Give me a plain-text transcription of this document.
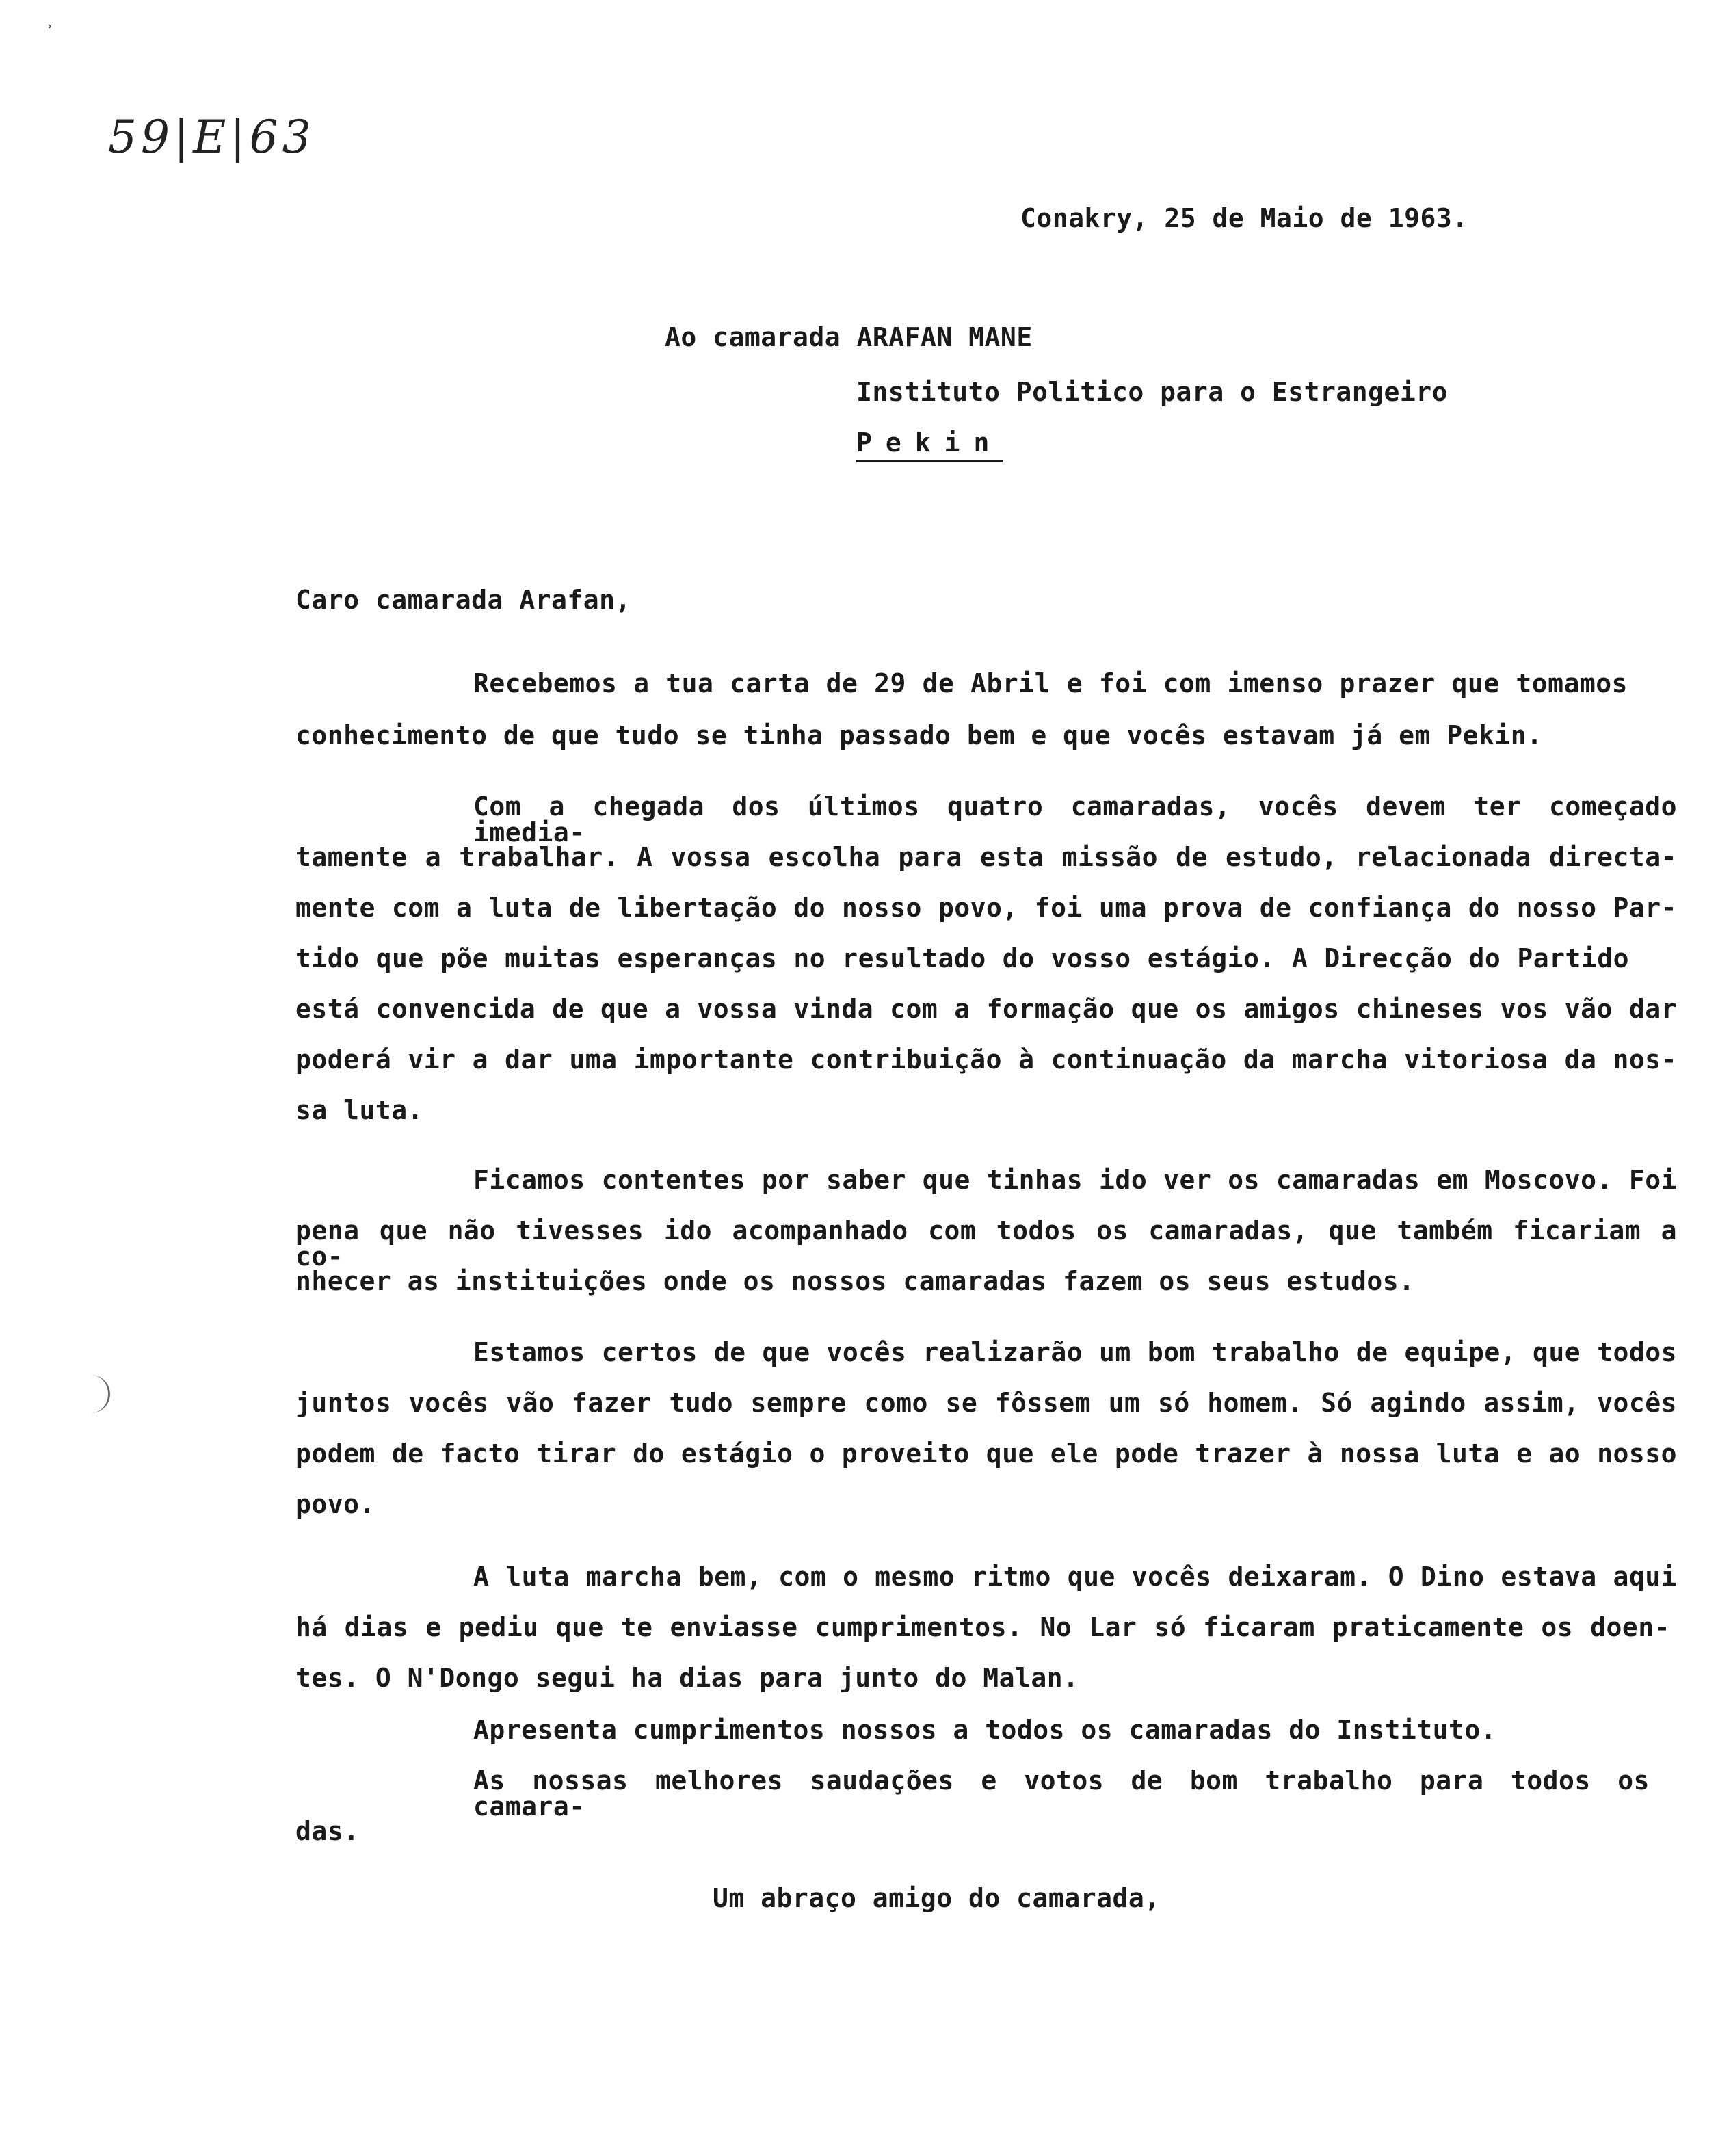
˒
59|E|63
Conakry, 25 de Maio de 1963.
Ao camarada ARAFAN MANE
Instituto Politico para o Estrangeiro
Pekin
Caro camarada Arafan,
Recebemos a tua carta de 29 de Abril e foi com imenso prazer que tomamos
conhecimento de que tudo se tinha passado bem e que vocês estavam já em Pekin.
Com a chegada dos últimos quatro camaradas, vocês devem ter começado imedia-
tamente a trabalhar. A vossa escolha para esta missão de estudo, relacionada directa-
mente com a luta de libertação do nosso povo, foi uma prova de confiança do nosso Par-
tido que põe muitas esperanças no resultado do vosso estágio. A Direcção do Partido
está convencida de que a vossa vinda com a formação que os amigos chineses vos vão dar
poderá vir a dar uma importante contribuição à continuação da marcha vitoriosa da nos-
sa luta.
Ficamos contentes por saber que tinhas ido ver os camaradas em Moscovo. Foi
pena que não tivesses ido acompanhado com todos os camaradas, que também ficariam a co-
nhecer as instituições onde os nossos camaradas fazem os seus estudos.
Estamos certos de que vocês realizarão um bom trabalho de equipe, que todos
juntos vocês vão fazer tudo sempre como se fôssem um só homem. Só agindo assim, vocês
podem de facto tirar do estágio o proveito que ele pode trazer à nossa luta e ao nosso
povo.
A luta marcha bem, com o mesmo ritmo que vocês deixaram. O Dino estava aqui
há dias e pediu que te enviasse cumprimentos. No Lar só ficaram praticamente os doen-
tes. O N'Dongo segui ha dias para junto do Malan.
Apresenta cumprimentos nossos a todos os camaradas do Instituto.
As nossas melhores saudações e votos de bom trabalho para todos os camara-
das.
Um abraço amigo do camarada,
